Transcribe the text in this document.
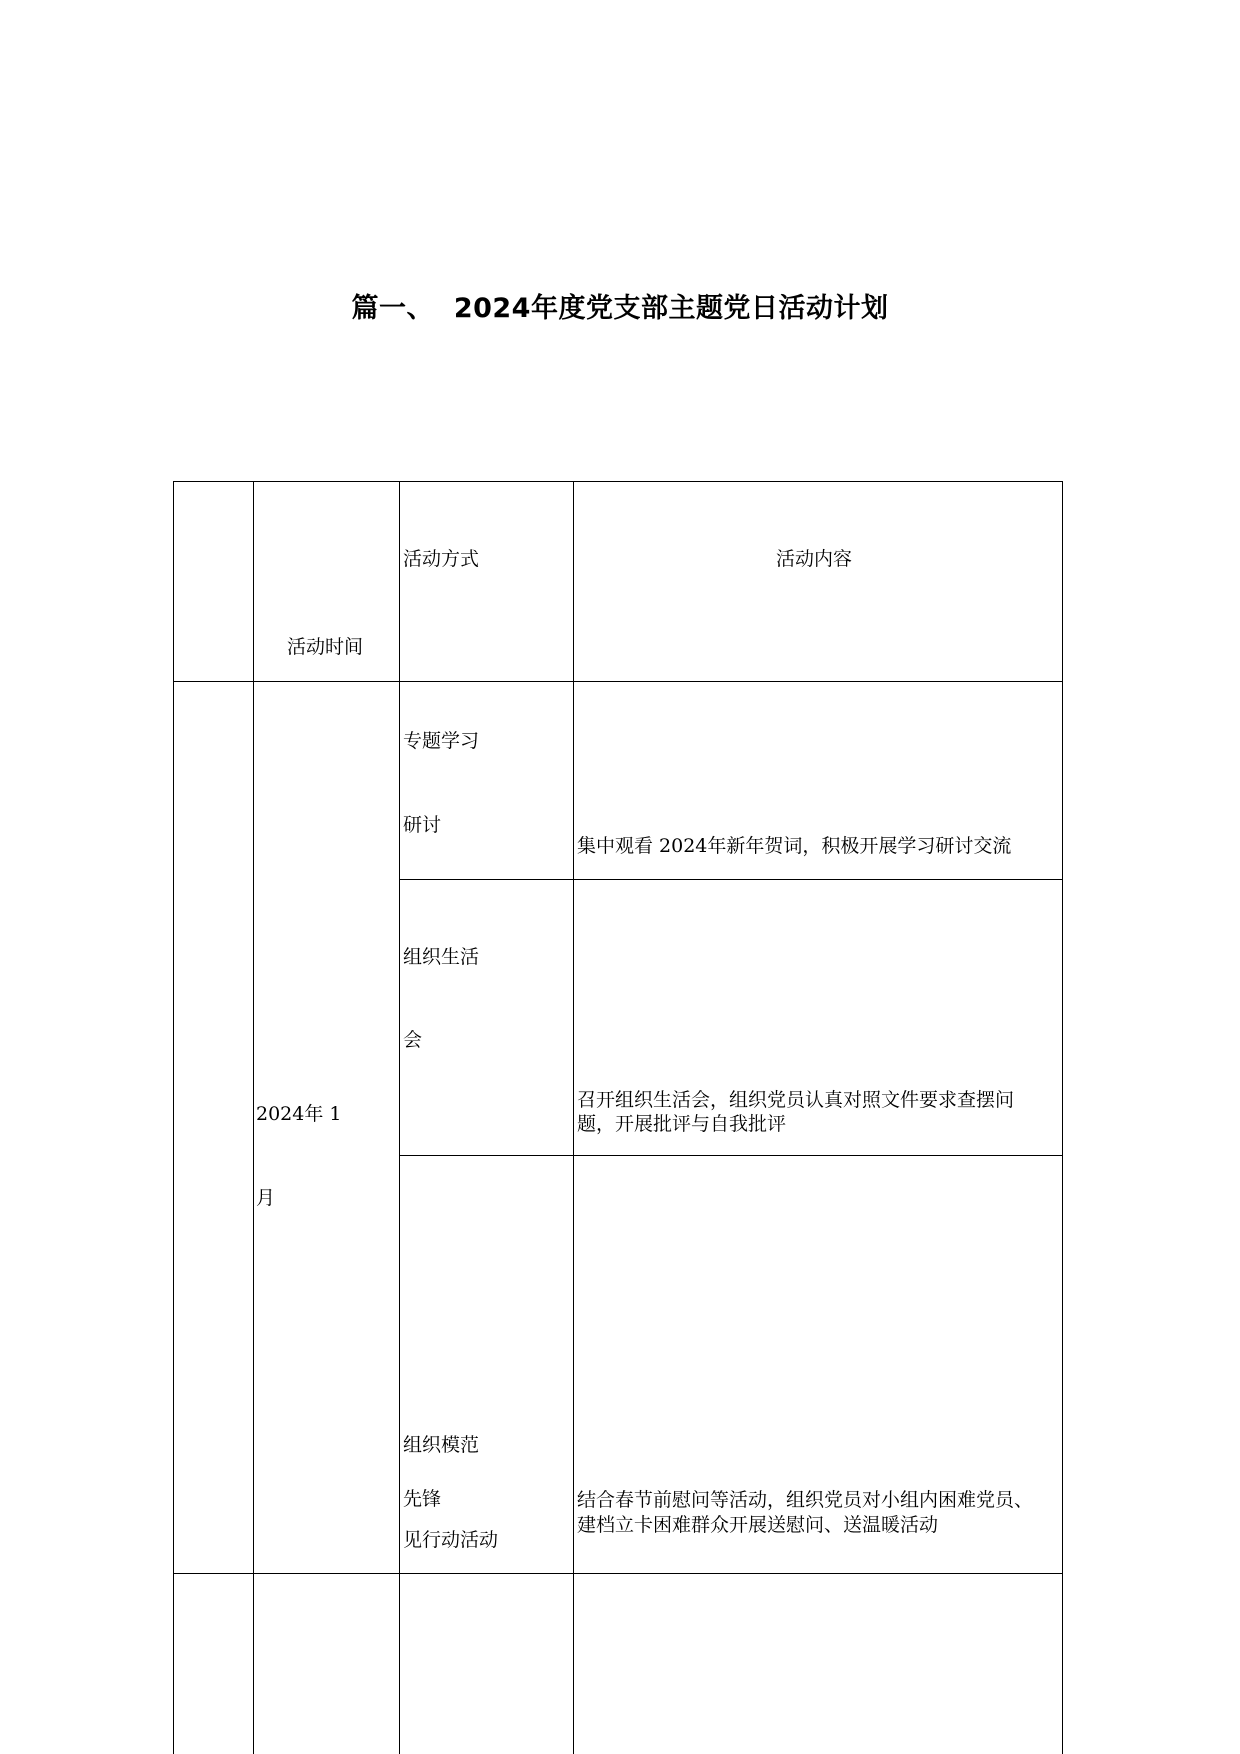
篇一、  2024年度党支部主题党日活动计划
活动时间
活动方式	活动内容
2024年 1
月
专题学习
研讨
集中观看 2024年新年贺词，积极开展学习研讨交流
组织生活
会
召开组织生活会，组织党员认真对照文件要求查摆问
题，开展批评与自我批评
组织模范
先锋
见行动活动
结合春节前慰问等活动，组织党员对小组内困难党员、
建档立卡困难群众开展送慰问、送温暖活动
